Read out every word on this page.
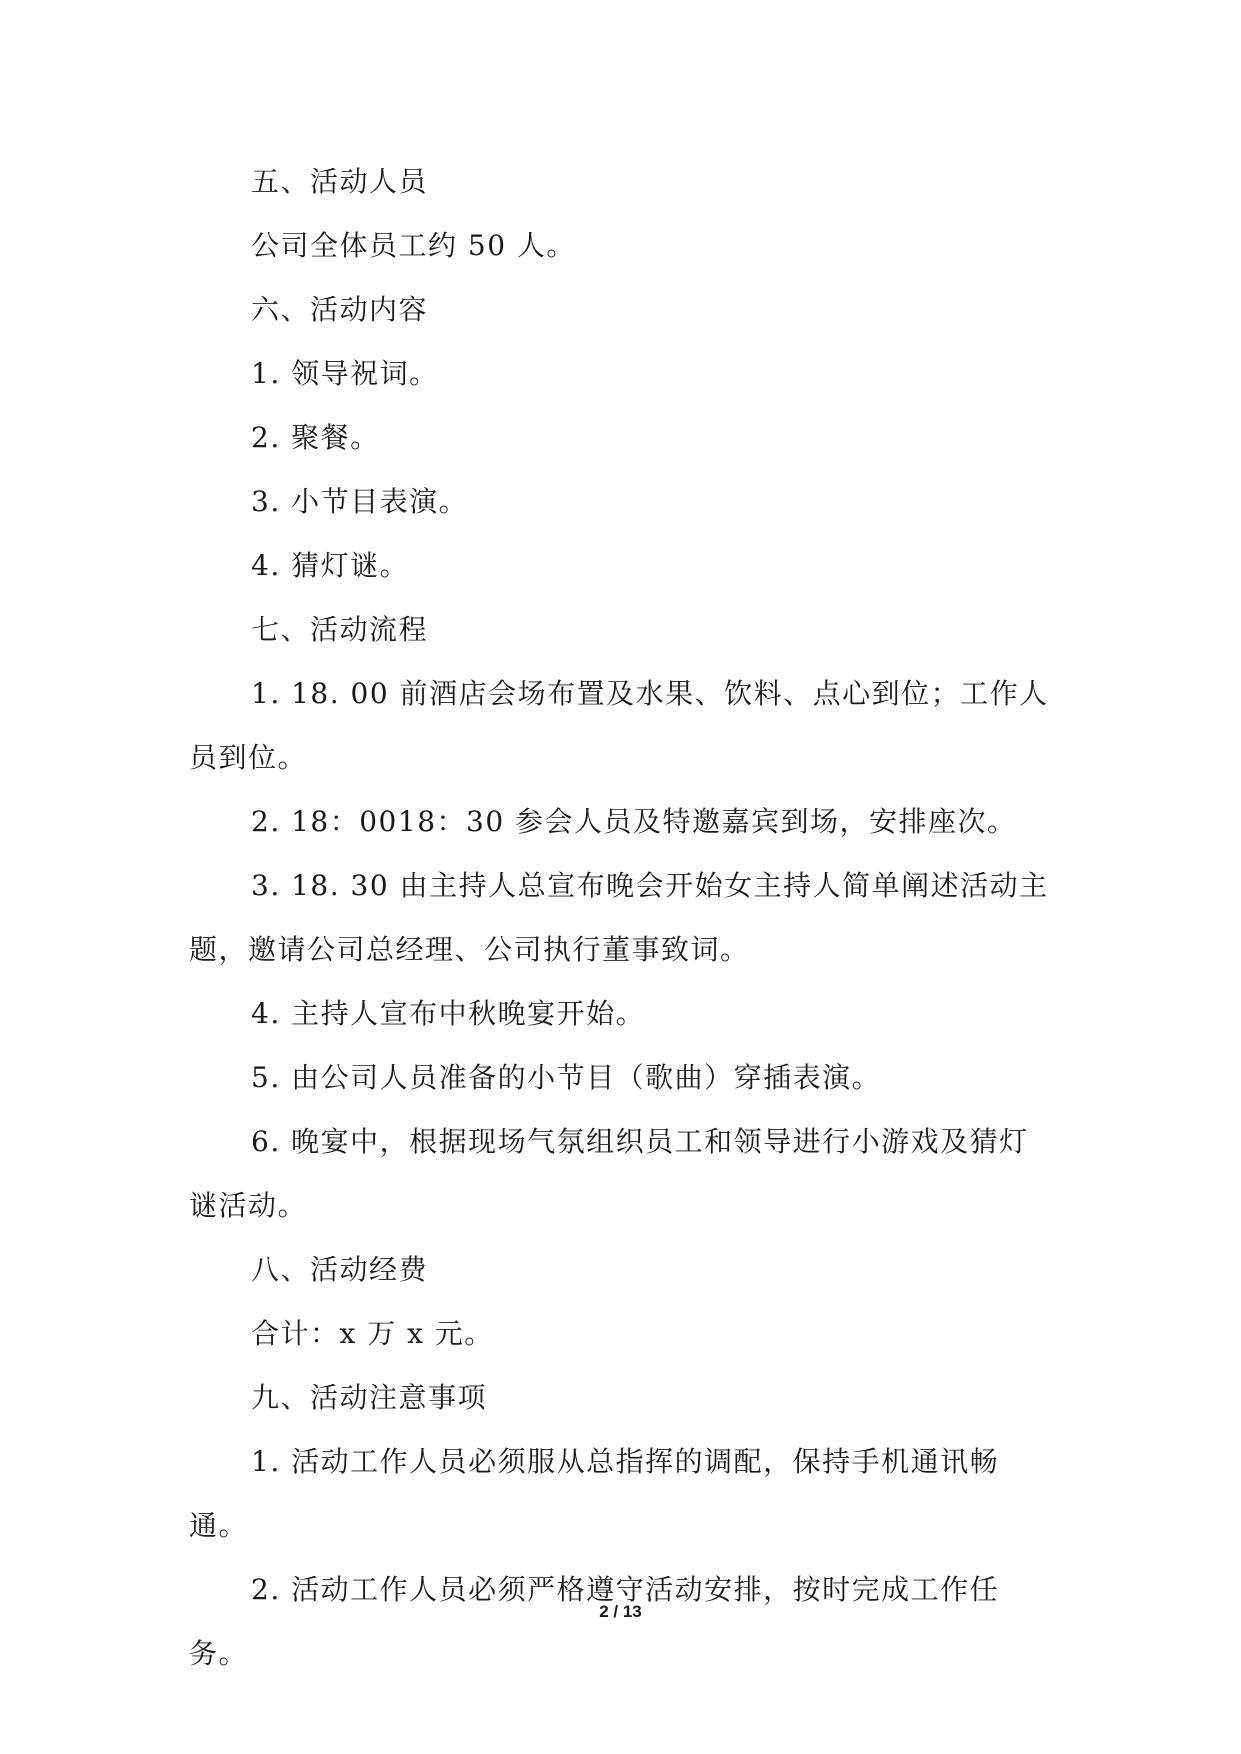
五、活动人员

公司全体员工约 50 人。

六、活动内容

1. 领导祝词。

2. 聚餐。

3. 小节目表演。

4. 猜灯谜。

七、活动流程

1. 18. 00 前酒店会场布置及水果、饮料、点心到位；工作人员到位。

2. 18：0018：30 参会人员及特邀嘉宾到场，安排座次。

3. 18. 30 由主持人总宣布晚会开始女主持人简单阐述活动主题，邀请公司总经理、公司执行董事致词。

4. 主持人宣布中秋晚宴开始。

5. 由公司人员准备的小节目（歌曲）穿插表演。

6. 晚宴中，根据现场气氛组织员工和领导进行小游戏及猜灯谜活动。

八、活动经费

合计：x 万 x 元。

九、活动注意事项

1. 活动工作人员必须服从总指挥的调配，保持手机通讯畅通。

2. 活动工作人员必须严格遵守活动安排，按时完成工作任务。

2 / 13
